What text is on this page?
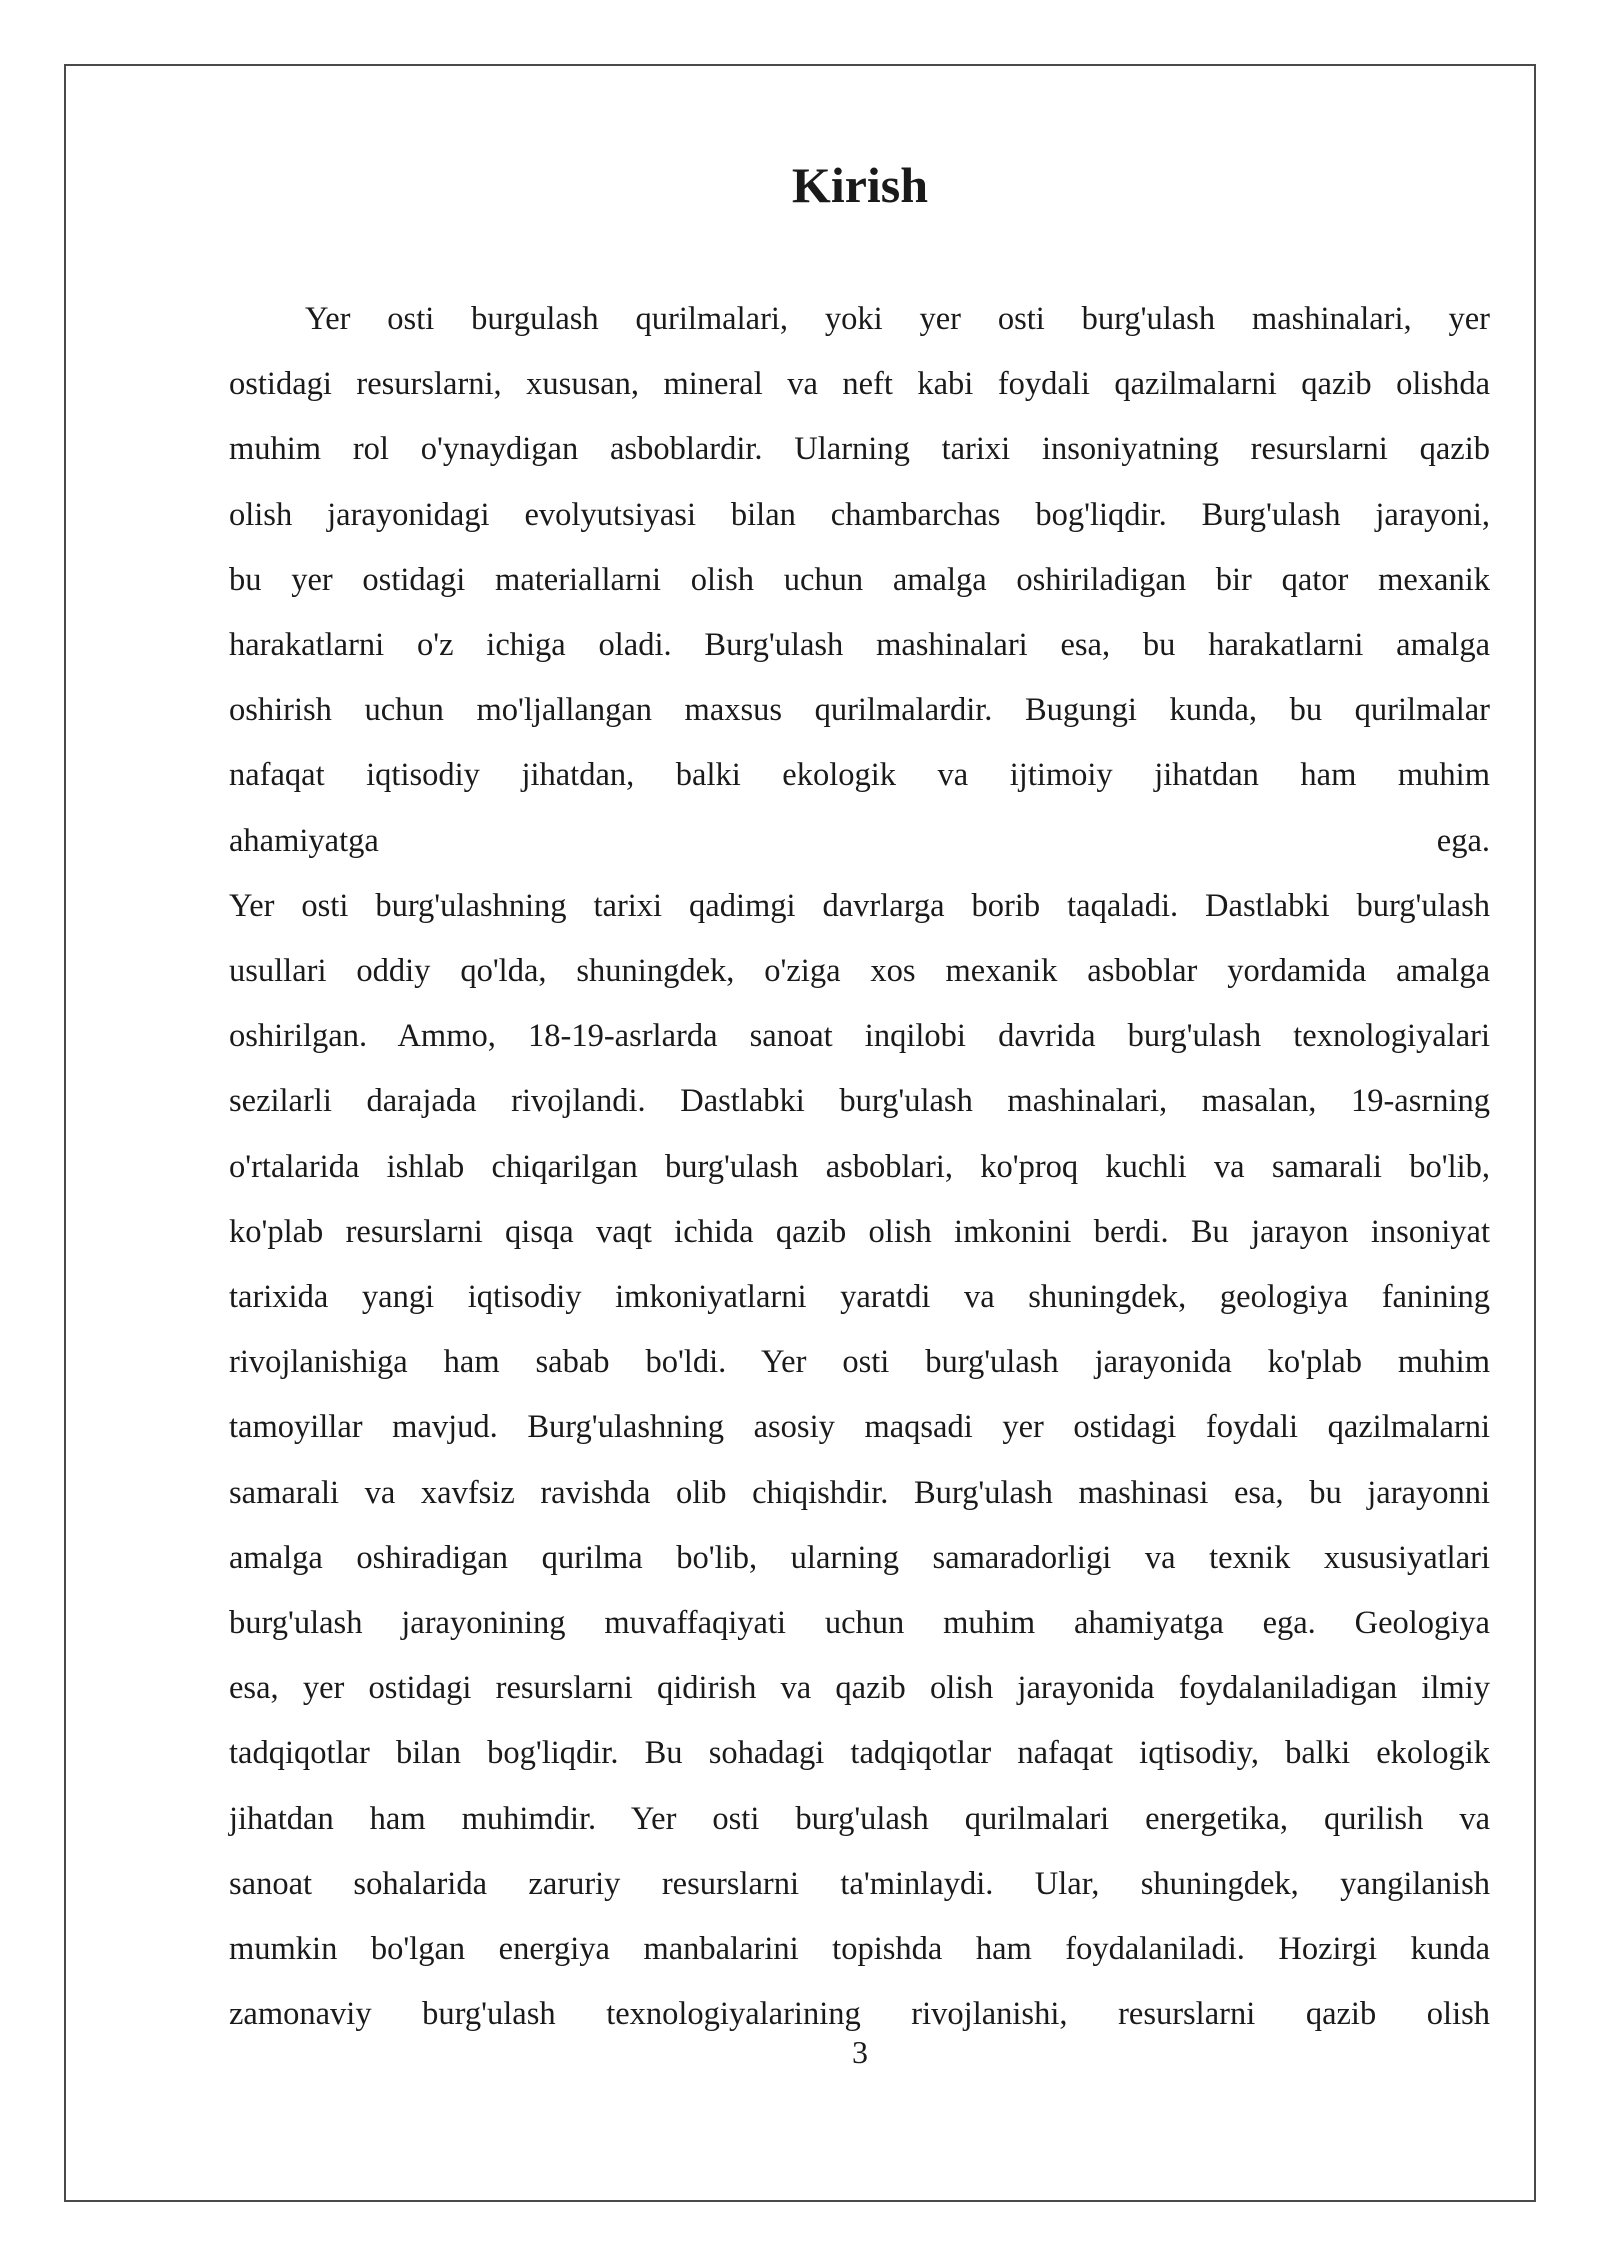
Kirish

Yer osti burgulash qurilmalari, yoki yer osti burg'ulash mashinalari, yer
ostidagi resurslarni, xususan, mineral va neft kabi foydali qazilmalarni qazib olishda
muhim rol o'ynaydigan asboblardir. Ularning tarixi insoniyatning resurslarni qazib
olish jarayonidagi evolyutsiyasi bilan chambarchas bog'liqdir. Burg'ulash jarayoni,
bu yer ostidagi materiallarni olish uchun amalga oshiriladigan bir qator mexanik
harakatlarni o'z ichiga oladi. Burg'ulash mashinalari esa, bu harakatlarni amalga
oshirish uchun mo'ljallangan maxsus qurilmalardir. Bugungi kunda, bu qurilmalar
nafaqat iqtisodiy jihatdan, balki ekologik va ijtimoiy jihatdan ham muhim
ahamiyatga ega.
Yer osti burg'ulashning tarixi qadimgi davrlarga borib taqaladi. Dastlabki burg'ulash
usullari oddiy qo'lda, shuningdek, o'ziga xos mexanik asboblar yordamida amalga
oshirilgan. Ammo, 18-19-asrlarda sanoat inqilobi davrida burg'ulash texnologiyalari
sezilarli darajada rivojlandi. Dastlabki burg'ulash mashinalari, masalan, 19-asrning
o'rtalarida ishlab chiqarilgan burg'ulash asboblari, ko'proq kuchli va samarali bo'lib,
ko'plab resurslarni qisqa vaqt ichida qazib olish imkonini berdi. Bu jarayon insoniyat
tarixida yangi iqtisodiy imkoniyatlarni yaratdi va shuningdek, geologiya fanining
rivojlanishiga ham sabab bo'ldi. Yer osti burg'ulash jarayonida ko'plab muhim
tamoyillar mavjud. Burg'ulashning asosiy maqsadi yer ostidagi foydali qazilmalarni
samarali va xavfsiz ravishda olib chiqishdir. Burg'ulash mashinasi esa, bu jarayonni
amalga oshiradigan qurilma bo'lib, ularning samaradorligi va texnik xususiyatlari
burg'ulash jarayonining muvaffaqiyati uchun muhim ahamiyatga ega. Geologiya
esa, yer ostidagi resurslarni qidirish va qazib olish jarayonida foydalaniladigan ilmiy
tadqiqotlar bilan bog'liqdir. Bu sohadagi tadqiqotlar nafaqat iqtisodiy, balki ekologik
jihatdan ham muhimdir. Yer osti burg'ulash qurilmalari energetika, qurilish va
sanoat sohalarida zaruriy resurslarni ta'minlaydi. Ular, shuningdek, yangilanish
mumkin bo'lgan energiya manbalarini topishda ham foydalaniladi. Hozirgi kunda
zamonaviy burg'ulash texnologiyalarining rivojlanishi, resurslarni qazib olish

3
